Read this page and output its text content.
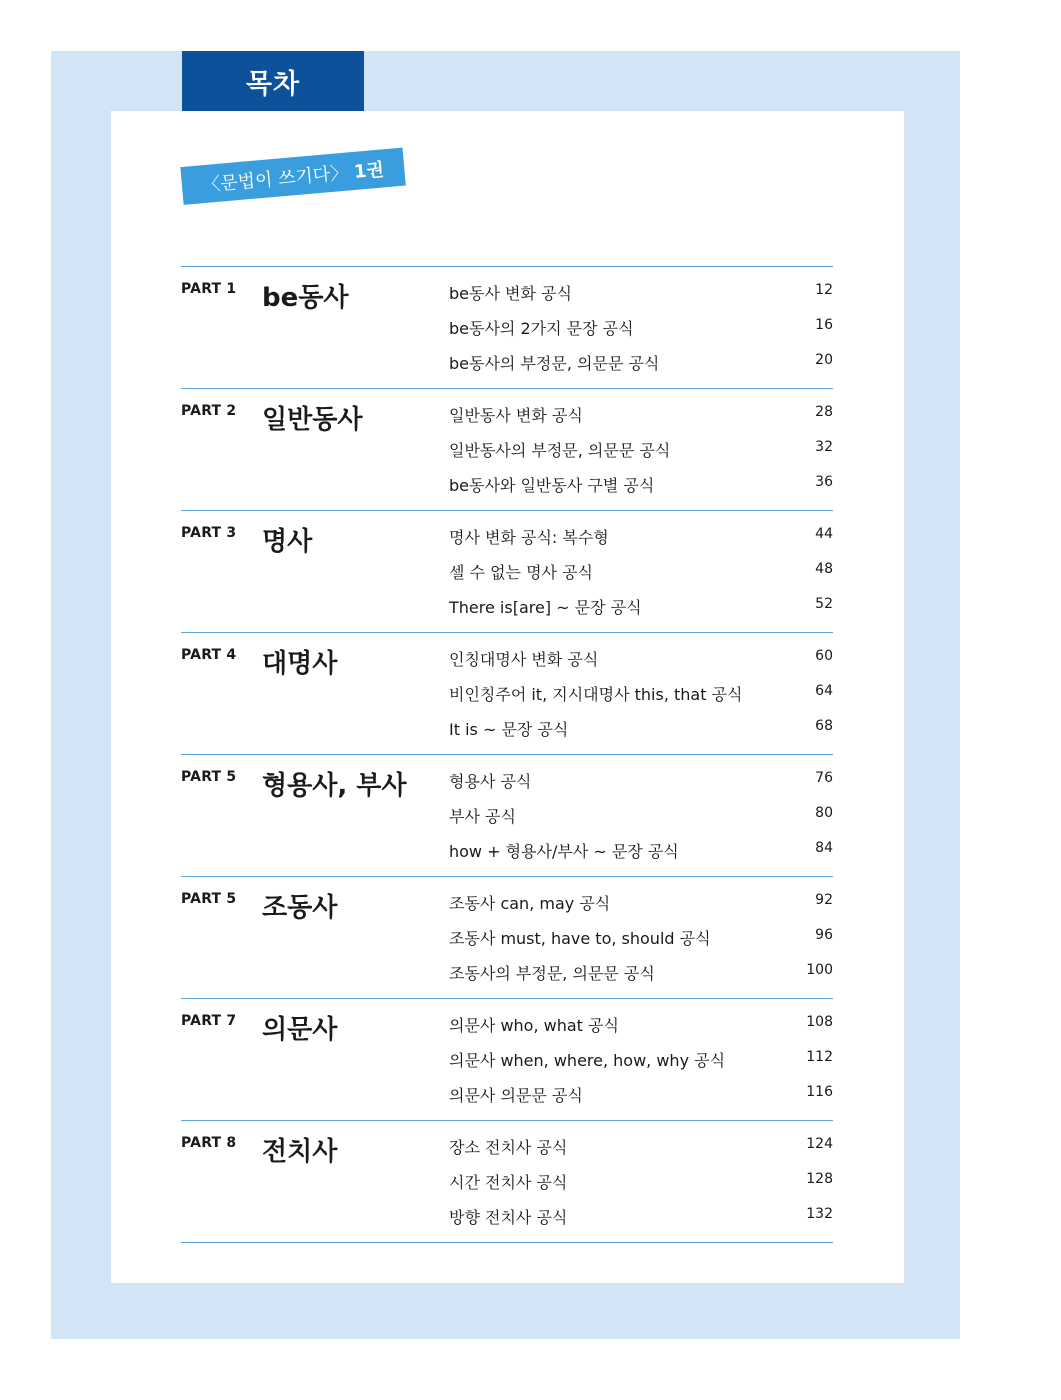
목차
〈문법이 쓰기다〉 1권
PART 1 be동사	be동사 변화 공식	12
be동사의 2가지 문장 공식	16
be동사의 부정문, 의문문 공식	20
PART 2 일반동사	일반동사 변화 공식	28
일반동사의 부정문, 의문문 공식	32
be동사와 일반동사 구별 공식	36
PART 3 명사	명사 변화 공식: 복수형	44
셀 수 없는 명사 공식	48
There is[are] ~ 문장 공식	52
PART 4 대명사	인칭대명사 변화 공식	60
비인칭주어 it, 지시대명사 this, that 공식	64
It is ~ 문장 공식	68
PART 5 형용사, 부사	형용사 공식	76
부사 공식	80
how + 형용사/부사 ~ 문장 공식	84
PART 5 조동사	조동사 can, may 공식	92
조동사 must, have to, should 공식	96
조동사의 부정문, 의문문 공식	100
PART 7 의문사	의문사 who, what 공식	108
의문사 when, where, how, why 공식	112
의문사 의문문 공식	116
PART 8 전치사	장소 전치사 공식	124
시간 전치사 공식	128
방향 전치사 공식	132
